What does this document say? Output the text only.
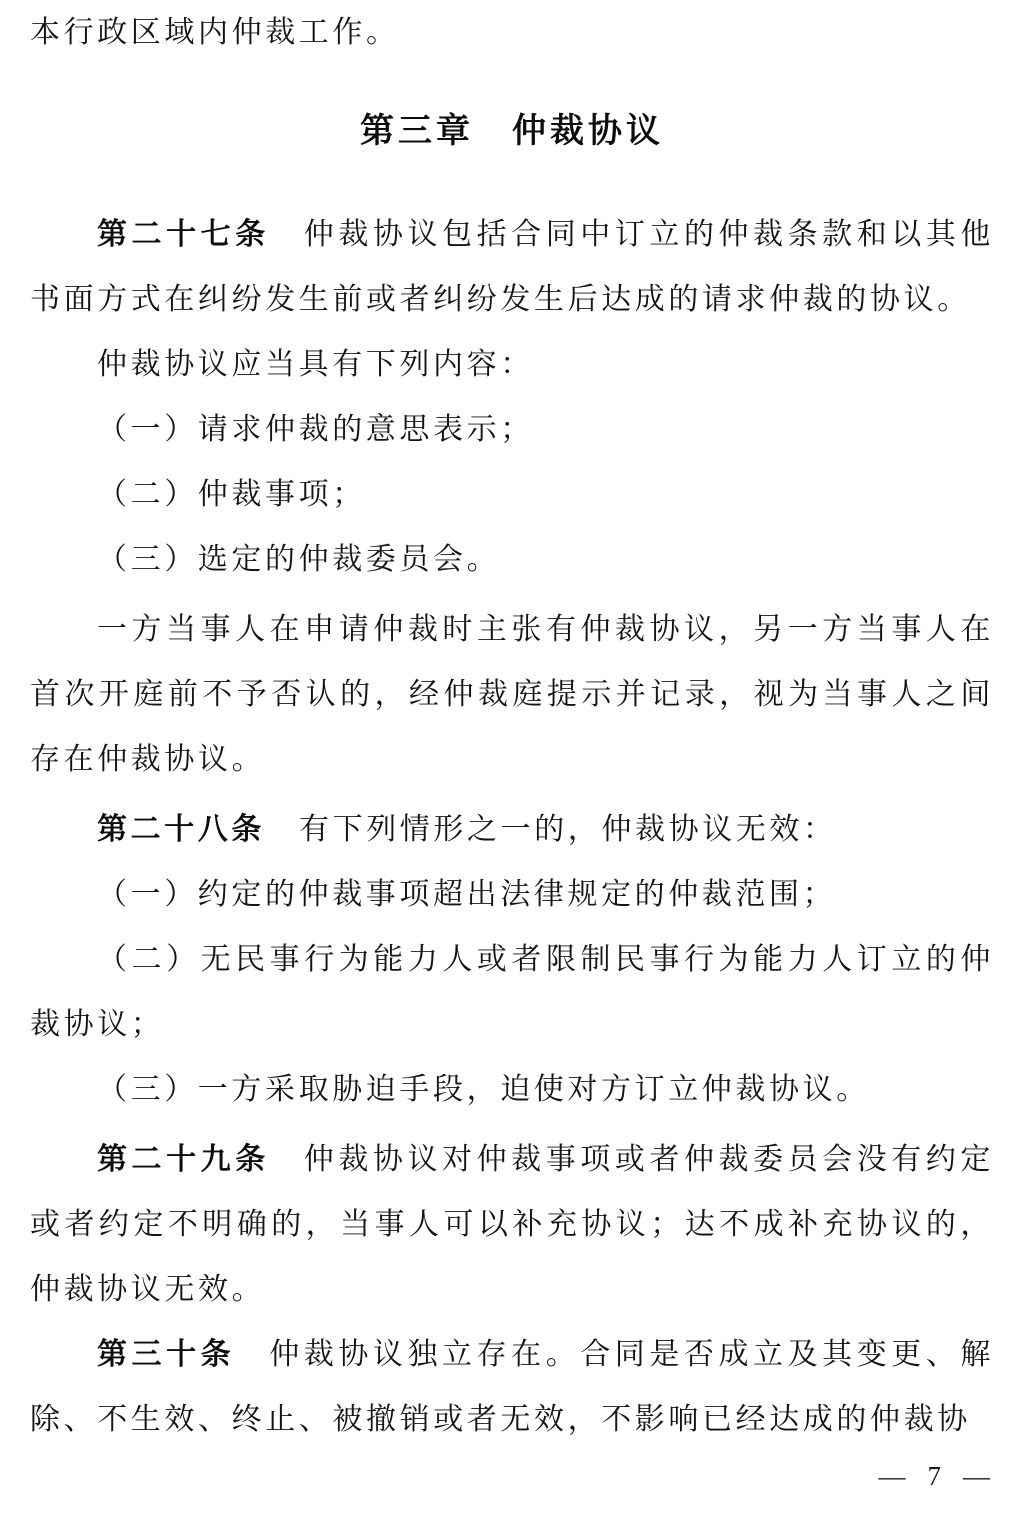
本行政区域内仲裁工作。

第三章　仲裁协议

第二十七条 仲裁协议包括合同中订立的仲裁条款和以其他书面方式在纠纷发生前或者纠纷发生后达成的请求仲裁的协议。

仲裁协议应当具有下列内容：

（一）请求仲裁的意思表示；

（二）仲裁事项；

（三）选定的仲裁委员会。

一方当事人在申请仲裁时主张有仲裁协议，另一方当事人在首次开庭前不予否认的，经仲裁庭提示并记录，视为当事人之间存在仲裁协议。

第二十八条 有下列情形之一的，仲裁协议无效：

（一）约定的仲裁事项超出法律规定的仲裁范围；

（二）无民事行为能力人或者限制民事行为能力人订立的仲裁协议；

（三）一方采取胁迫手段，迫使对方订立仲裁协议。

第二十九条 仲裁协议对仲裁事项或者仲裁委员会没有约定或者约定不明确的，当事人可以补充协议；达不成补充协议的，仲裁协议无效。

第三十条 仲裁协议独立存在。合同是否成立及其变更、解除、不生效、终止、被撤销或者无效，不影响已经达成的仲裁协

— 7 —
